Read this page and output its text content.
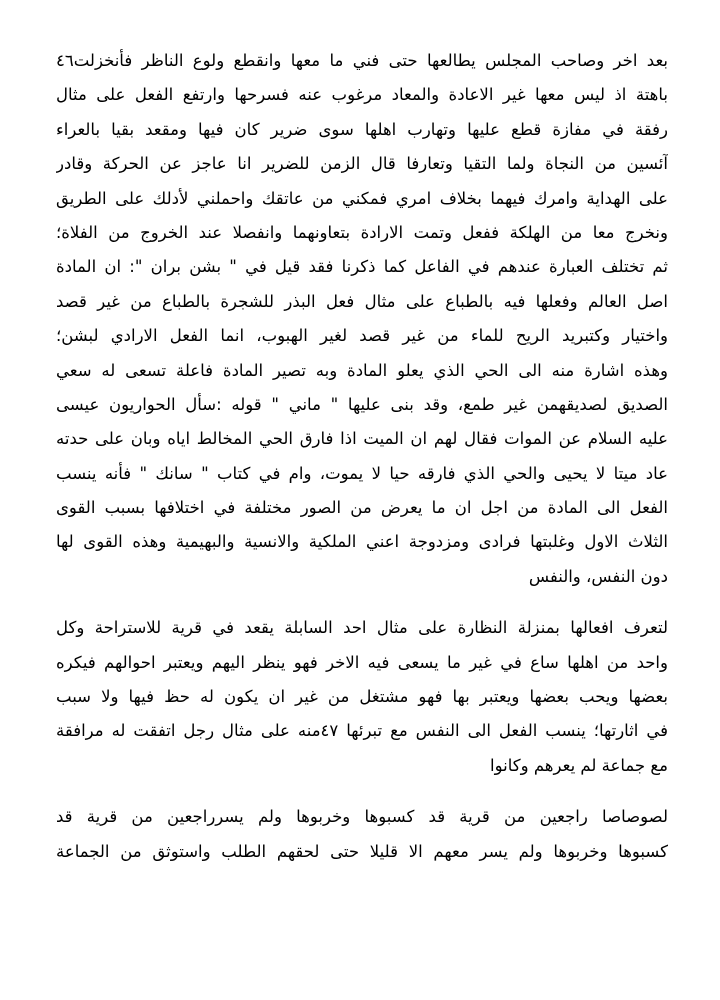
بعد اخر وصاحب المجلس يطالعها حتى فني ما معها وانقطع ولوع الناظر فأنخزلت٤٦
باهتة اذ ليس معها غير الاعادة والمعاد مرغوب عنه فسرحها وارتفع الفعل على مثال
رفقة في مفازة قطع عليها وتهارب اهلها سوى ضرير كان فيها ومقعد بقيا بالعراء
آئسين من النجاة ولما التقيا وتعارفا قال الزمن للضرير انا عاجز عن الحركة وقادر
على الهداية وامرك فيهما بخلاف امري فمكني من عاتقك واحملني لأدلك على الطريق
ونخرج معا من الهلكة ففعل وتمت الارادة بتعاونهما وانفصلا عند الخروج من الفلاة؛
ثم تختلف العبارة عندهم في الفاعل كما ذكرنا فقد قيل في " بشن بران ": ان المادة
اصل العالم وفعلها فيه بالطباع على مثال فعل البذر للشجرة بالطباع من غير قصد
واختيار وكتبريد الريح للماء من غير قصد لغير الهبوب، انما الفعل الارادي لبشن؛
وهذه اشارة منه الى الحي الذي يعلو المادة وبه تصير المادة فاعلة تسعى له سعي
الصديق لصديقهمن غير طمع، وقد بنى عليها " ماني " قوله :سأل الحواريون عيسى
عليه السلام عن الموات فقال لهم ان الميت اذا فارق الحي المخالط اياه وبان على حدته
عاد ميتا لا يحيى والحي الذي فارقه حيا لا يموت، وام في كتاب " سانك " فأنه ينسب
الفعل الى المادة من اجل ان ما يعرض من الصور مختلفة في اختلافها بسبب القوى
الثلاث الاول وغلبتها فرادى ومزدوجة اعني الملكية والانسية والبهيمية وهذه القوى لها
دون النفس، والنفس
لتعرف افعالها بمنزلة النظارة على مثال احد السابلة يقعد في قرية للاستراحة وكل
واحد من اهلها ساع في غير ما يسعى فيه الاخر فهو ينظر اليهم ويعتبر احوالهم فيكره
بعضها ويحب بعضها ويعتبر بها فهو مشتغل من غير ان يكون له حظ فيها ولا سبب
في اثارتها؛ ينسب الفعل الى النفس مع تبرئها ٤٧منه على مثال رجل اتفقت له مرافقة
مع جماعة لم يعرهم وكانوا
لصوصاصا راجعين من قرية قد كسبوها وخربوها ولم يسرراجعين من قرية قد
كسبوها وخربوها ولم يسر معهم الا قليلا حتى لحقهم الطلب واستوثق من الجماعة
